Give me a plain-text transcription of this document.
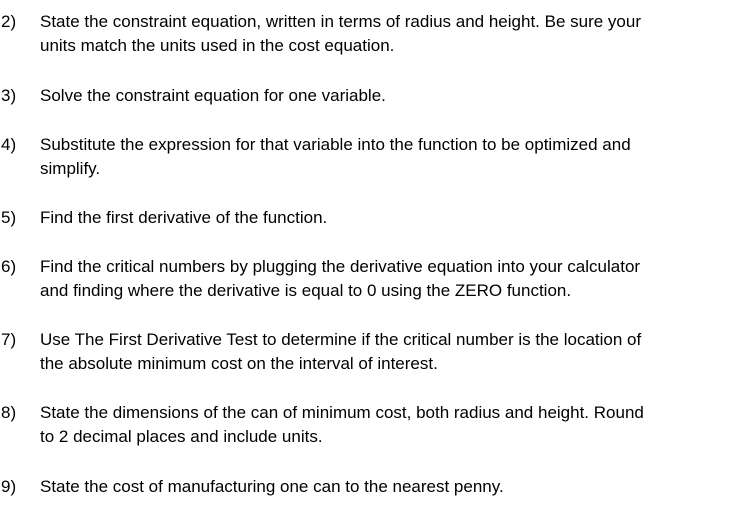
2) State the constraint equation, written in terms of radius and height. Be sure your
units match the units used in the cost equation.
3) Solve the constraint equation for one variable.
4) Substitute the expression for that variable into the function to be optimized and
simplify.
5) Find the first derivative of the function.
6) Find the critical numbers by plugging the derivative equation into your calculator
and finding where the derivative is equal to 0 using the ZERO function.
7) Use The First Derivative Test to determine if the critical number is the location of
the absolute minimum cost on the interval of interest.
8) State the dimensions of the can of minimum cost, both radius and height. Round
to 2 decimal places and include units.
9) State the cost of manufacturing one can to the nearest penny.
